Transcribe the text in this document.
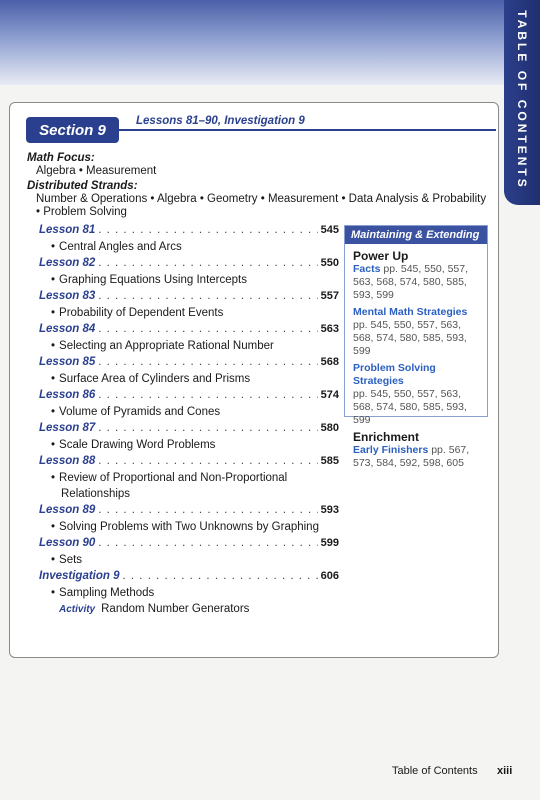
TABLE OF CONTENTS
Section 9
Lessons 81–90, Investigation 9
Math Focus:
Algebra • Measurement
Distributed Strands:
Number & Operations • Algebra • Geometry • Measurement • Data Analysis & Probability
• Problem Solving
Lesson 81 . . .	545
• Central Angles and Arcs
Lesson 82 . . .	550
• Graphing Equations Using Intercepts
Lesson 83 . . .	557
• Probability of Dependent Events
Lesson 84 . . .	563
• Selecting an Appropriate Rational Number
Lesson 85 . . .	568
• Surface Area of Cylinders and Prisms
Lesson 86 . . .	574
• Volume of Pyramids and Cones
Lesson 87 . . .	580
• Scale Drawing Word Problems
Lesson 88 . . .	585
• Review of Proportional and Non-Proportional
Relationships
Lesson 89 . . .	593
• Solving Problems with Two Unknowns by Graphing
Lesson 90 . . .	599
• Sets
Investigation 9 . . .	606
• Sampling Methods
Activity Random Number Generators
Maintaining & Extending
Power Up
Facts pp. 545, 550, 557, 563, 568, 574, 580, 585, 593, 599
Mental Math Strategies
pp. 545, 550, 557, 563, 568, 574, 580, 585, 593, 599
Problem Solving Strategies
pp. 545, 550, 557, 563, 568, 574, 580, 585, 593, 599
Enrichment
Early Finishers pp. 567, 573, 584, 592, 598, 605
Table of Contents xiii
